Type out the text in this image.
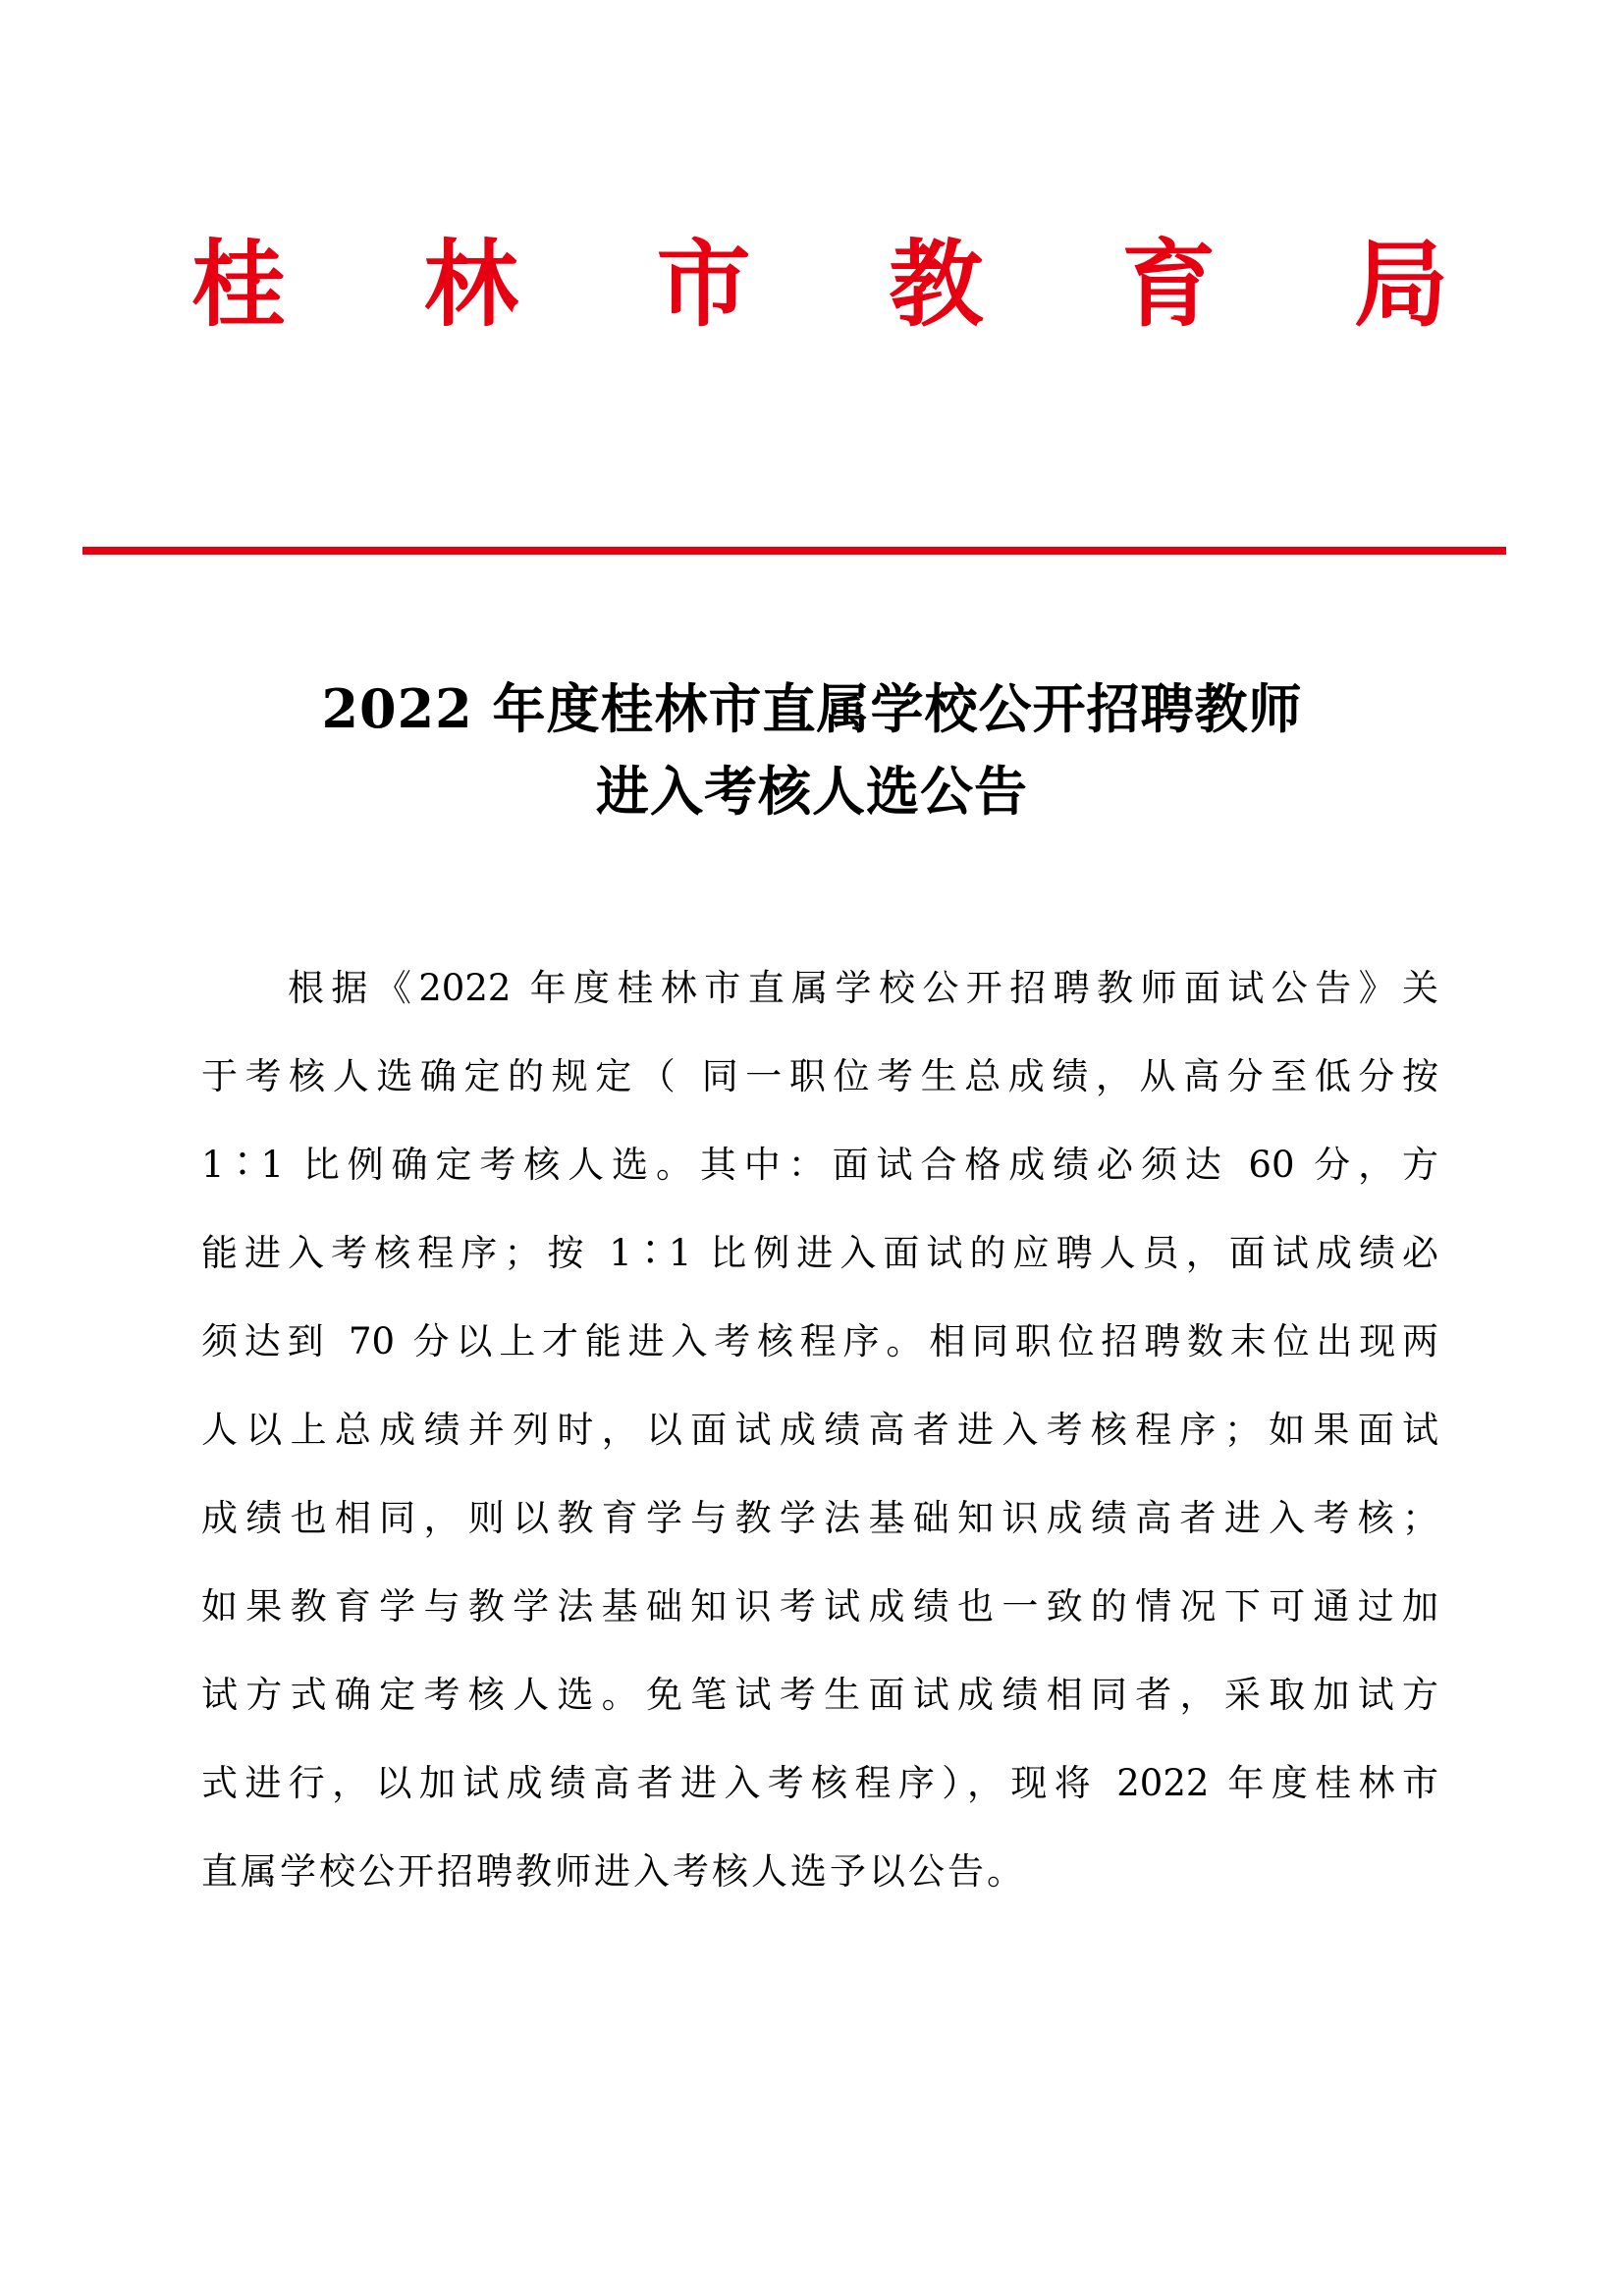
桂 林 市 教 育 局
2022 年度桂林市直属学校公开招聘教师
进入考核人选公告
根据《2022 年度桂林市直属学校公开招聘教师面试公告》关
于考核人选确定的规定（ 同一职位考生总成绩，从高分至低分按
1∶1 比例确定考核人选。其中：面试合格成绩必须达 60 分，方
能进入考核程序；按 1∶1 比例进入面试的应聘人员，面试成绩必
须达到 70 分以上才能进入考核程序。相同职位招聘数末位出现两
人以上总成绩并列时，以面试成绩高者进入考核程序；如果面试
成绩也相同，则以教育学与教学法基础知识成绩高者进入考核；
如果教育学与教学法基础知识考试成绩也一致的情况下可通过加
试方式确定考核人选。免笔试考生面试成绩相同者，采取加试方
式进行，以加试成绩高者进入考核程序），现将 2022 年度桂林市
直属学校公开招聘教师进入考核人选予以公告。
